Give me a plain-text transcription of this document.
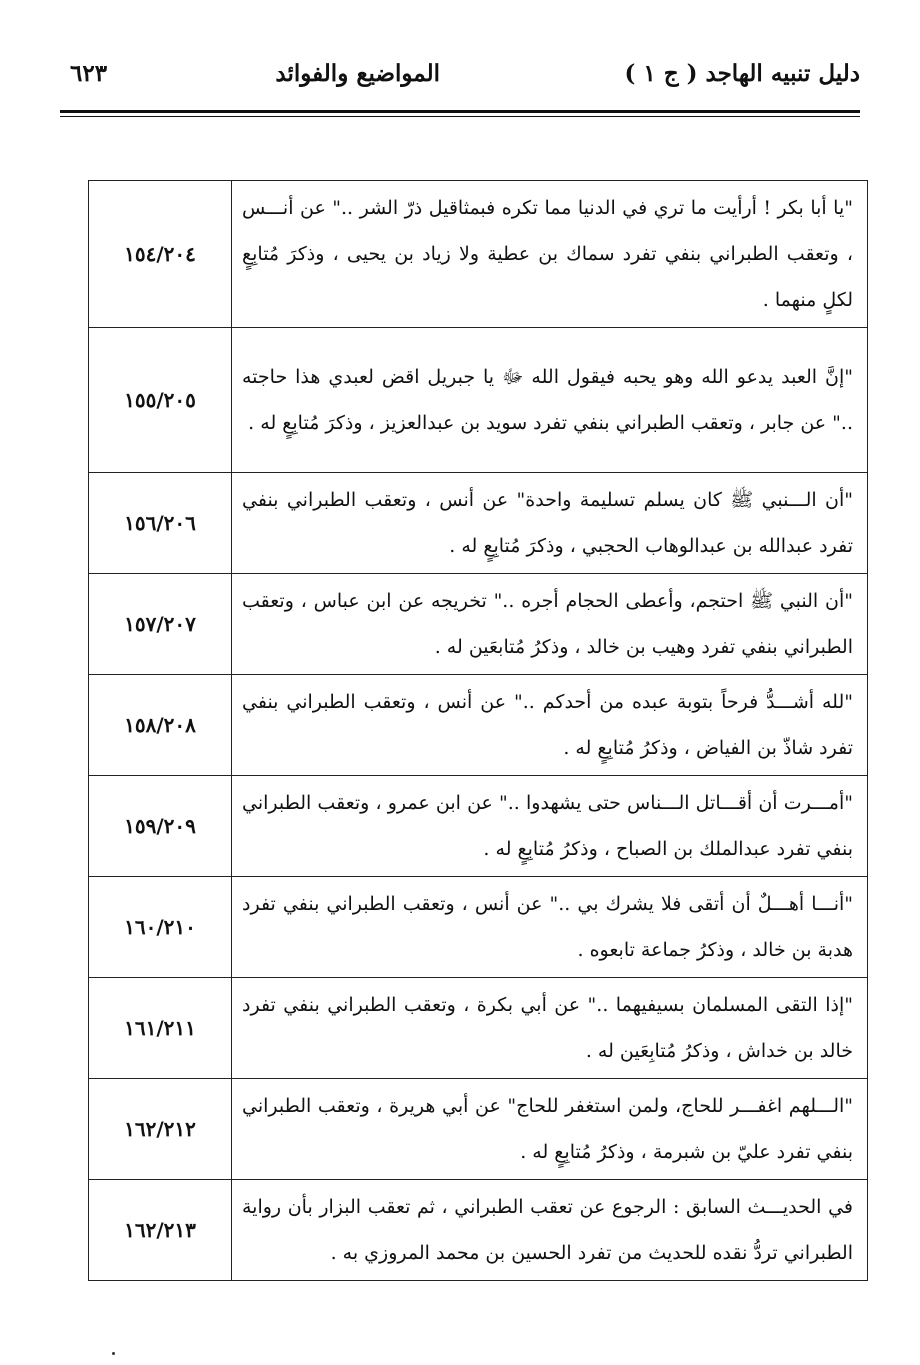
دليل تنبيه الهاجد ( ج ١ )
المواضيع والفوائد
٦٢٣
"يا أبا بكر ! أرأيت ما تري في الدنيا مما تكره فبمثاقيل ذرّ الشر .." عن أنـــس ، وتعقب الطبراني بنفي تفرد سماك بن عطية ولا زياد بن يحيى ، وذكرَ مُتابِعٍ لكلٍ منهما .	١٥٤/٢٠٤
"إنَّ العبد يدعو الله وهو يحبه فيقول الله ﷻ يا جبريل اقض لعبدي هذا حاجته .." عن جابر ، وتعقب الطبراني بنفي تفرد سويد بن عبدالعزيز ، وذكرَ مُتابِعٍ له .	١٥٥/٢٠٥
"أن الـــنبي ﷺ كان يسلم تسليمة واحدة" عن أنس ، وتعقب الطبراني بنفي تفرد عبدالله بن عبدالوهاب الحجبي ، وذكرَ مُتابِعٍ له .	١٥٦/٢٠٦
"أن النبي ﷺ احتجم، وأعطى الحجام أجره .." تخريجه عن ابن عباس ، وتعقب الطبراني بنفي تفرد وهيب بن خالد ، وذكرُ مُتابعَين له .	١٥٧/٢٠٧
"لله أشـــدُّ فرحاً بتوبة عبده من أحدكم .." عن أنس ، وتعقب الطبراني بنفي تفرد شاذّ بن الفياض ، وذكرُ مُتابِعٍ له .	١٥٨/٢٠٨
"أمـــرت أن أقـــاتل الـــناس حتى يشهدوا .." عن ابن عمرو ، وتعقب الطبراني بنفي تفرد عبدالملك بن الصباح ، وذكرُ مُتابِعٍ له .	١٥٩/٢٠٩
"أنـــا أهـــلٌ أن أتقى فلا يشرك بي .." عن أنس ، وتعقب الطبراني بنفي تفرد هدبة بن خالد ، وذكرُ جماعة تابعوه .	١٦٠/٢١٠
"إذا التقى المسلمان بسيفيهما .." عن أبي بكرة ، وتعقب الطبراني بنفي تفرد خالد بن خداش ، وذكرُ مُتابِعَين له .	١٦١/٢١١
"الـــلهم اغفـــر للحاج، ولمن استغفر للحاج" عن أبي هريرة ، وتعقب الطبراني بنفي تفرد عليّ بن شبرمة ، وذكرُ مُتابِعٍ له .	١٦٢/٢١٢
في الحديـــث السابق : الرجوع عن تعقب الطبراني ، ثم تعقب البزار بأن رواية الطبراني تردُّ نقده للحديث من تفرد الحسين بن محمد المروزي به .	١٦٢/٢١٣
